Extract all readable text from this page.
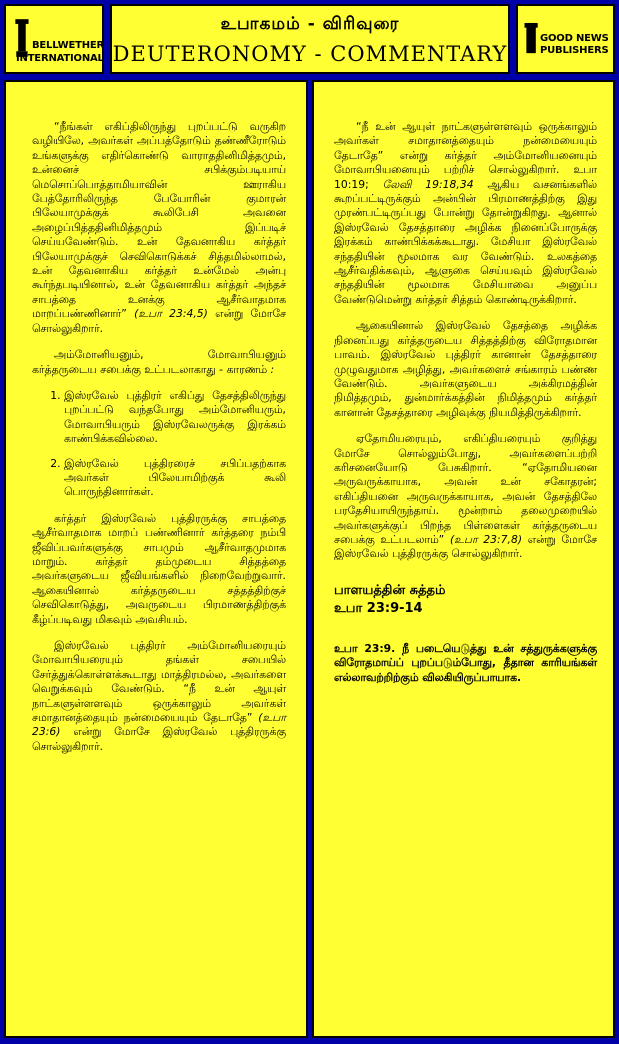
BELLWETHER
INTERNATIONAL
உபாகமம் - விரிவுரை
DEUTERONOMY - COMMENTARY
GOOD NEWS
PUBLISHERS

“நீங்கள் எகிப்திலிருந்து புறப்பட்டு வருகிற வழியிலே, அவர்கள் அப்பத்தோடும் தண்ணீரோடும் உங்களுக்கு எதிர்கொண்டு வாராததினிமித்தமும், உன்னைச் சபிக்கும்படியாய் மெசொப்பொத்தாமியாவின் ஊராகிய பேத்தோரிலிருந்த பேயோரின் குமாரன் பிலேயாமுக்குக் கூலிபேசி அவனை அழைப்பித்ததினிமித்தமும் இப்படிச் செய்யவேண்டும். உன் தேவனாகிய கர்த்தர் பிலேயாமுக்குச் செவிகொடுக்கச் சித்தமில்லாமல், உன் தேவனாகிய கர்த்தர் உன்மேல் அன்பு கூர்ந்தபடியினால், உன் தேவனாகிய கர்த்தர் அந்தச் சாபத்தை உனக்கு ஆசீர்வாதமாக மாறப்பண்ணினார்” (உபா 23:4,5) என்று மோசே சொல்லுகிறார்.

அம்மோனியனும், மோவாபியனும் கர்த்தருடைய சபைக்கு உட்படலாகாது - காரணம் :

1. இஸ்ரவேல் புத்திரர் எகிப்து தேசத்திலிருந்து புறப்பட்டு வந்தபோது அம்மோனியரும், மோவாபியரும் இஸ்ரவேலருக்கு இரக்கம் காண்பிக்கவில்லை.
2. இஸ்ரவேல் புத்திரரைச் சபிப்பதற்காக அவர்கள் பிலேயாமிற்குக் கூலி பொருந்தினார்கள்.

கர்த்தர் இஸ்ரவேல் புத்திரருக்கு சாபத்தை ஆசீர்வாதமாக மாறப் பண்ணினார் கர்த்தரை நம்பி ஜீவிப்பவர்களுக்கு சாபமும் ஆசீர்வாதமுமாக மாறும். கர்த்தர் தம்முடைய சித்தத்தை அவர்களுடைய ஜீவியங்களில் நிறைவேற்றுவார். ஆகையினால் கர்த்தருடைய சத்தத்திற்குச் செவிகொடுத்து, அவருடைய பிரமாணத்திற்குக் கீழ்ப்படிவது மிகவும் அவசியம்.

இஸ்ரவேல் புத்திரர் அம்மோனியரையும் மோவாபியரையும் தங்கள் சபையில் சேர்த்துக்கொள்ளக்கூடாது மாத்திரமல்ல, அவர்களை வெறுக்கவும் வேண்டும். “நீ உன் ஆயுள் நாட்களுள்ளளவும் ஒருக்காலும் அவர்கள் சமாதானத்தையும் நன்மையையும் தேடாதே” (உபா 23:6) என்று மோசே இஸ்ரவேல் புத்திரருக்கு சொல்லுகிறார்.

“நீ உன் ஆயுள் நாட்களுள்ளளவும் ஒருக்காலும் அவர்கள் சமாதானத்தையும் நன்மையையும் தேடாதே” என்று கர்த்தர் அம்மோனியனையும் மோவாபியனையும் பற்றிச் சொல்லுகிறார். உபா 10:19; லேவி 19:18,34 ஆகிய வசனங்களில் கூறப்பட்டிருக்கும் அன்பின் பிரமாணத்திற்கு இது முரண்பட்டிருப்பது போன்று தோன்றுகிறது. ஆனால் இஸ்ரவேல் தேசத்தாரை அழிக்க நினைப்போருக்கு இரக்கம் காண்பிக்கக்கூடாது. மேசியா இஸ்ரவேல் சந்ததியின் மூலமாக வர வேண்டும். உலகத்தை ஆசீர்வதிக்கவும், ஆளுகை செய்யவும் இஸ்ரவேல் சந்ததியின் மூலமாக மேசியாவை அனுப்ப வேண்டுமென்று கர்த்தர் சித்தம் கொண்டிருக்கிறார்.

ஆகையினால் இஸ்ரவேல் தேசத்தை அழிக்க நினைப்பது கர்த்தருடைய சித்தத்திற்கு விரோதமான பாவம். இஸ்ரவேல் புத்திரர் கானான் தேசத்தாரை முழுவதுமாக அழித்து, அவர்களைச் சங்காரம் பண்ண வேண்டும். அவர்களுடைய அக்கிரமத்தின் நிமித்தமும், துன்மார்க்கத்தின் நிமித்தமும் கர்த்தர் கானான் தேசத்தாரை அழிவுக்கு நியமித்திருக்கிறார்.

ஏதோமியரையும், எகிப்தியரையும் குறித்து மோசே சொல்லும்போது, அவர்களைப்பற்றி கரிசனையோடு பேசுகிறார். “ஏதோமியனை அருவருக்காயாக, அவன் உன் சகோதரன்; எகிப்தியனை அருவருக்காயாக, அவன் தேசத்திலே பரதேசியாயிருந்தாய். மூன்றாம் தலைமுறையில் அவர்களுக்குப் பிறந்த பிள்ளைகள் கர்த்தருடைய சபைக்கு உட்படலாம்” (உபா 23:7,8) என்று மோசே இஸ்ரவேல் புத்திரருக்கு சொல்லுகிறார்.

பாளயத்தின் சுத்தம்
உபா 23:9-14

உபா 23:9. நீ படையெடுத்து உன் சத்துருக்களுக்கு விரோதமாய்ப் புறப்படும்போது, தீதான காரியங்கள் எல்லாவற்றிற்கும் விலகியிருப்பாயாக.
